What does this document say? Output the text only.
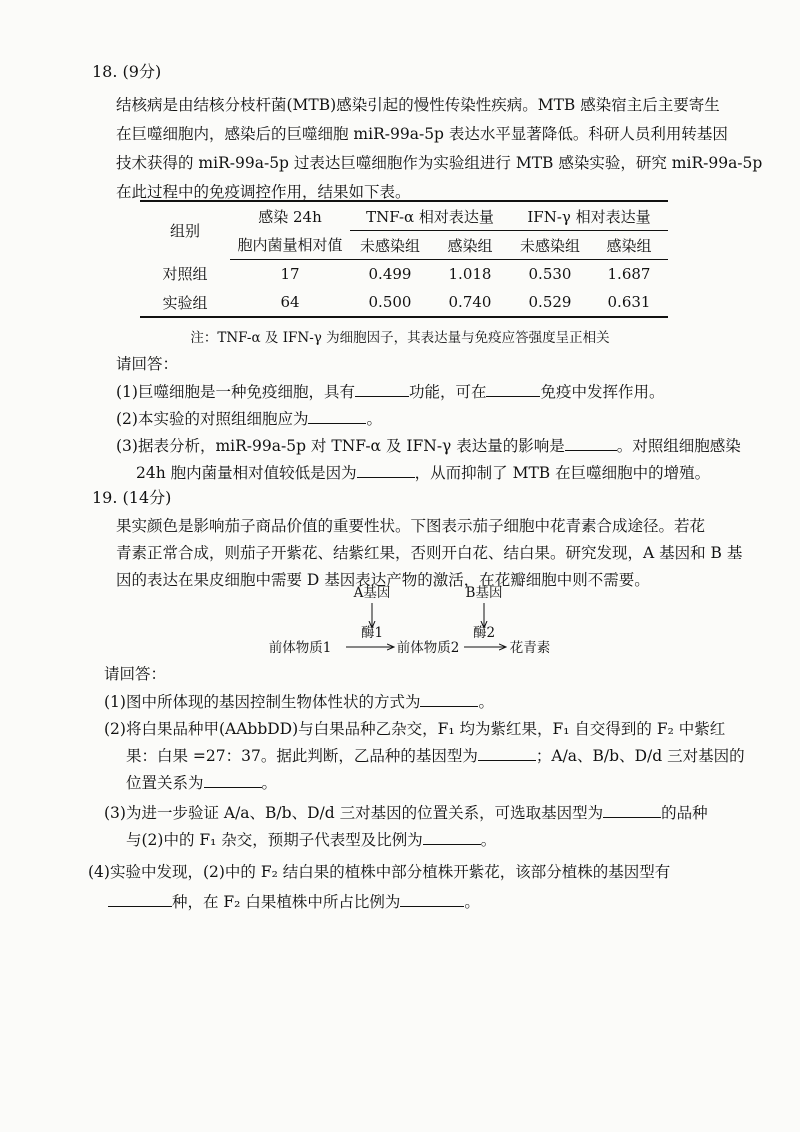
18. (9分)
结核病是由结核分枝杆菌(MTB)感染引起的慢性传染性疾病。MTB 感染宿主后主要寄生
在巨噬细胞内，感染后的巨噬细胞 miR-99a-5p 表达水平显著降低。科研人员利用转基因
技术获得的 miR-99a-5p 过表达巨噬细胞作为实验组进行 MTB 感染实验，研究 miR-99a-5p
在此过程中的免疫调控作用，结果如下表。
组别	感染 24h	TNF-α 相对表达量		IFN-γ 相对表达量	
	胞内菌量相对值	未感染组	感染组	未感染组	感染组
对照组	17	0.499	1.018	0.530	1.687
实验组	64	0.500	0.740	0.529	0.631
注：TNF-α 及 IFN-γ 为细胞因子，其表达量与免疫应答强度呈正相关
请回答：
(1)巨噬细胞是一种免疫细胞，具有	功能，可在	免疫中发挥作用。
(2)本实验的对照组细胞应为	。
(3)据表分析，miR-99a-5p 对 TNF-α 及 IFN-γ 表达量的影响是	。对照组细胞感染
24h 胞内菌量相对值较低是因为	，从而抑制了 MTB 在巨噬细胞中的增殖。
19. (14分)
果实颜色是影响茄子商品价值的重要性状。下图表示茄子细胞中花青素合成途径。若花
青素正常合成，则茄子开紫花、结紫红果，否则开白花、结白果。研究发现，A 基因和 B 基
因的表达在果皮细胞中需要 D 基因表达产物的激活，在花瓣细胞中则不需要。
A基因	B基因
酶1	酶2
前体物质1	前体物质2	花青素
请回答：
(1)图中所体现的基因控制生物体性状的方式为	。
(2)将白果品种甲(AAbbDD)与白果品种乙杂交，F₁ 均为紫红果，F₁ 自交得到的 F₂ 中紫红
果：白果 =27：37。据此判断，乙品种的基因型为	；A/a、B/b、D/d 三对基因的
位置关系为	。
(3)为进一步验证 A/a、B/b、D/d 三对基因的位置关系，可选取基因型为	的品种
与(2)中的 F₁ 杂交，预期子代表型及比例为	。
(4)实验中发现，(2)中的 F₂ 结白果的植株中部分植株开紫花，该部分植株的基因型有
种，在 F₂ 白果植株中所占比例为	。
